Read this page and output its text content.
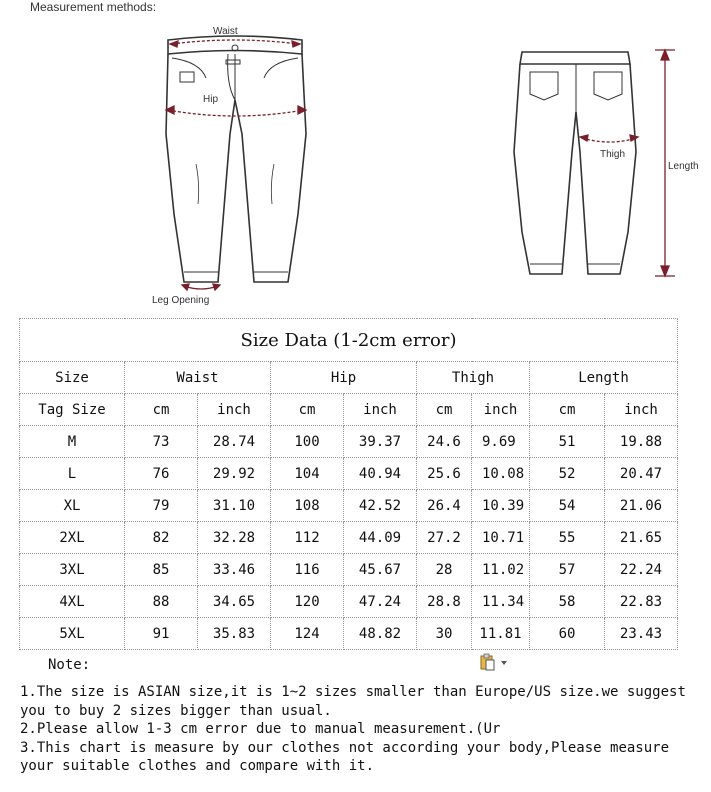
Measurement methods:
Waist
Hip
Leg Opening
Thigh
Length
Size Data (1-2cm error)								
Size	Waist		Hip		Thigh		Length	
Tag Size	cm	inch	cm	inch	cm	inch	cm	inch
M	73	28.74	100	39.37	24.6	9.69	51	19.88
L	76	29.92	104	40.94	25.6	10.08	52	20.47
XL	79	31.10	108	42.52	26.4	10.39	54	21.06
2XL	82	32.28	112	44.09	27.2	10.71	55	21.65
3XL	85	33.46	116	45.67	28	11.02	57	22.24
4XL	88	34.65	120	47.24	28.8	11.34	58	22.83
5XL	91	35.83	124	48.82	30	11.81	60	23.43
Note:

1.The size is ASIAN size,it is 1~2 sizes smaller than Europe/US size.we suggest you to buy 2 sizes bigger than usual.

2.Please allow 1-3 cm error due to manual measurement.(Ur

3.This chart is measure by our clothes not according your body,Please measure your suitable clothes and compare with it.
